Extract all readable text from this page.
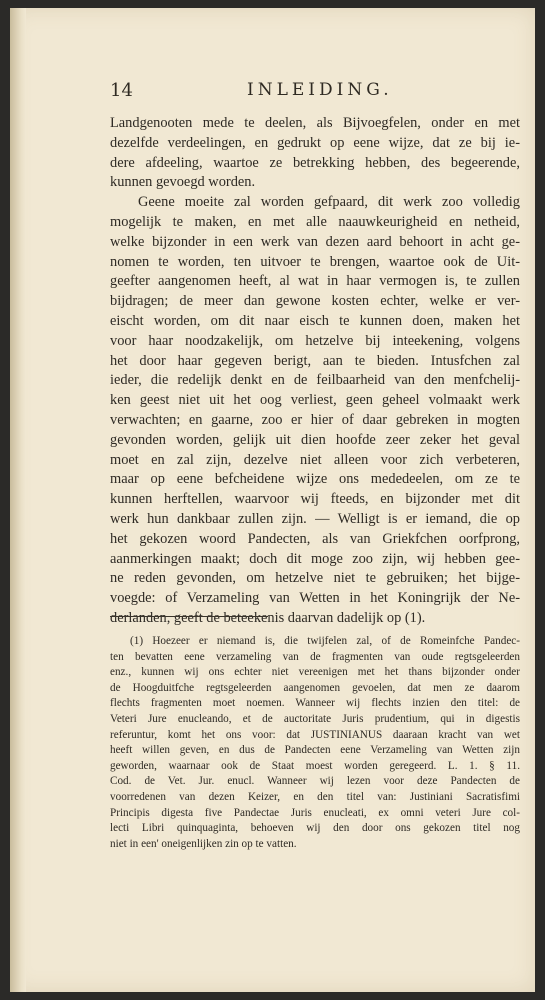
14	INLEIDING.
Landgenooten mede te deelen, als Bijvoegfelen, onder en met
dezelfde verdeelingen, en gedrukt op eene wijze, dat ze bij ie-
dere afdeeling, waartoe ze betrekking hebben, des begeerende,
kunnen gevoegd worden.
Geene moeite zal worden gefpaard, dit werk zoo volledig
mogelijk te maken, en met alle naauwkeurigheid en netheid,
welke bijzonder in een werk van dezen aard behoort in acht ge-
nomen te worden, ten uitvoer te brengen, waartoe ook de Uit-
geefter aangenomen heeft, al wat in haar vermogen is, te zullen
bijdragen; de meer dan gewone kosten echter, welke er ver-
eischt worden, om dit naar eisch te kunnen doen, maken het
voor haar noodzakelijk, om hetzelve bij inteekening, volgens
het door haar gegeven berigt, aan te bieden. Intusfchen zal
ieder, die redelijk denkt en de feilbaarheid van den menfchelij-
ken geest niet uit het oog verliest, geen geheel volmaakt werk
verwachten; en gaarne, zoo er hier of daar gebreken in mogten
gevonden worden, gelijk uit dien hoofde zeer zeker het geval
moet en zal zijn, dezelve niet alleen voor zich verbeteren,
maar op eene befcheidene wijze ons mededeelen, om ze te
kunnen herftellen, waarvoor wij fteeds, en bijzonder met dit
werk hun dankbaar zullen zijn. — Welligt is er iemand, die op
het gekozen woord Pandecten, als van Griekfchen oorfprong,
aanmerkingen maakt; doch dit moge zoo zijn, wij hebben gee-
ne reden gevonden, om hetzelve niet te gebruiken; het bijge-
voegde: of Verzameling van Wetten in het Koningrijk der Ne-
derlanden, geeft de beteekenis daarvan dadelijk op (1).
(1) Hoezeer er niemand is, die twijfelen zal, of de Romeinfche Pandec-
ten bevatten eene verzameling van de fragmenten van oude regtsgeleerden
enz., kunnen wij ons echter niet vereenigen met het thans bijzonder onder
de Hoogduitfche regtsgeleerden aangenomen gevoelen, dat men ze daarom
flechts fragmenten moet noemen. Wanneer wij flechts inzien den titel: de
Veteri Jure enucleando, et de auctoritate Juris prudentium, qui in digestis
referuntur, komt het ons voor: dat JUSTINIANUS daaraan kracht van wet
heeft willen geven, en dus de Pandecten eene Verzameling van Wetten zijn
geworden, waarnaar ook de Staat moest worden geregeerd. L. 1. § 11.
Cod. de Vet. Jur. enucl. Wanneer wij lezen voor deze Pandecten de
voorredenen van dezen Keizer, en den titel van: Justiniani Sacratisfimi
Principis digesta five Pandectae Juris enucleati, ex omni veteri Jure col-
lecti Libri quinquaginta, behoeven wij den door ons gekozen titel nog
niet in een' oneigenlijken zin op te vatten.
